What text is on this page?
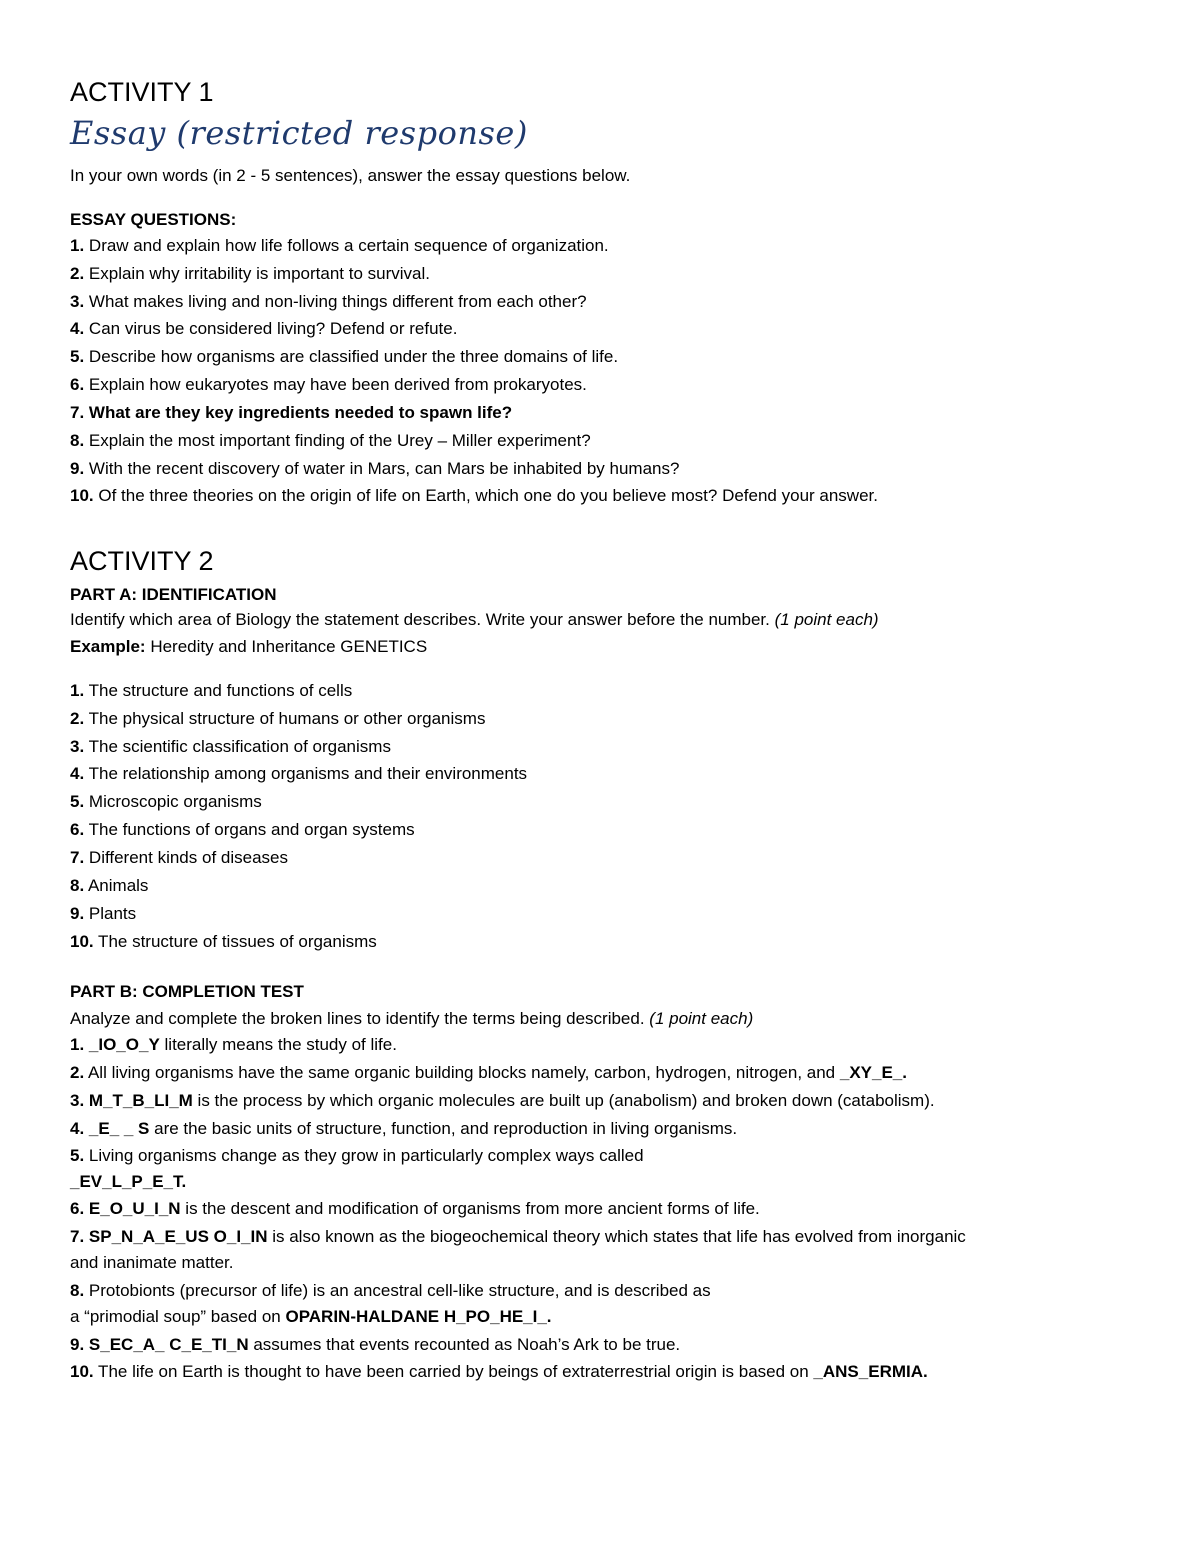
ACTIVITY 1
Essay (restricted response)
In your own words (in 2 - 5 sentences), answer the essay questions below.
ESSAY QUESTIONS:
1. Draw and explain how life follows a certain sequence of organization.
2. Explain why irritability is important to survival.
3. What makes living and non-living things different from each other?
4. Can virus be considered living? Defend or refute.
5. Describe how organisms are classified under the three domains of life.
6. Explain how eukaryotes may have been derived from prokaryotes.
7. What are they key ingredients needed to spawn life?
8. Explain the most important finding of the Urey – Miller experiment?
9. With the recent discovery of water in Mars, can Mars be inhabited by humans?
10. Of the three theories on the origin of life on Earth, which one do you believe most? Defend your answer.
ACTIVITY 2
PART A: IDENTIFICATION
Identify which area of Biology the statement describes. Write your answer before the number. (1 point each)
Example: Heredity and Inheritance GENETICS
1. The structure and functions of cells
2. The physical structure of humans or other organisms
3. The scientific classification of organisms
4. The relationship among organisms and their environments
5. Microscopic organisms
6. The functions of organs and organ systems
7. Different kinds of diseases
8. Animals
9. Plants
10. The structure of tissues of organisms
PART B: COMPLETION TEST
Analyze and complete the broken lines to identify the terms being described. (1 point each)
1. _IO_O_Y literally means the study of life.
2. All living organisms have the same organic building blocks namely, carbon, hydrogen, nitrogen, and _XY_E_.
3. M_T_B_LI_M is the process by which organic molecules are built up (anabolism) and broken down (catabolism).
4. _E_ _ S are the basic units of structure, function, and reproduction in living organisms.
5. Living organisms change as they grow in particularly complex ways called
_EV_L_P_E_T.
6. E_O_U_I_N is the descent and modification of organisms from more ancient forms of life.
7. SP_N_A_E_US O_I_IN is also known as the biogeochemical theory which states that life has evolved from inorganic
and inanimate matter.
8. Protobionts (precursor of life) is an ancestral cell-like structure, and is described as
a “primodial soup” based on OPARIN-HALDANE H_PO_HE_I_.
9. S_EC_A_ C_E_TI_N assumes that events recounted as Noah’s Ark to be true.
10. The life on Earth is thought to have been carried by beings of extraterrestrial origin is based on _ANS_ERMIA.
